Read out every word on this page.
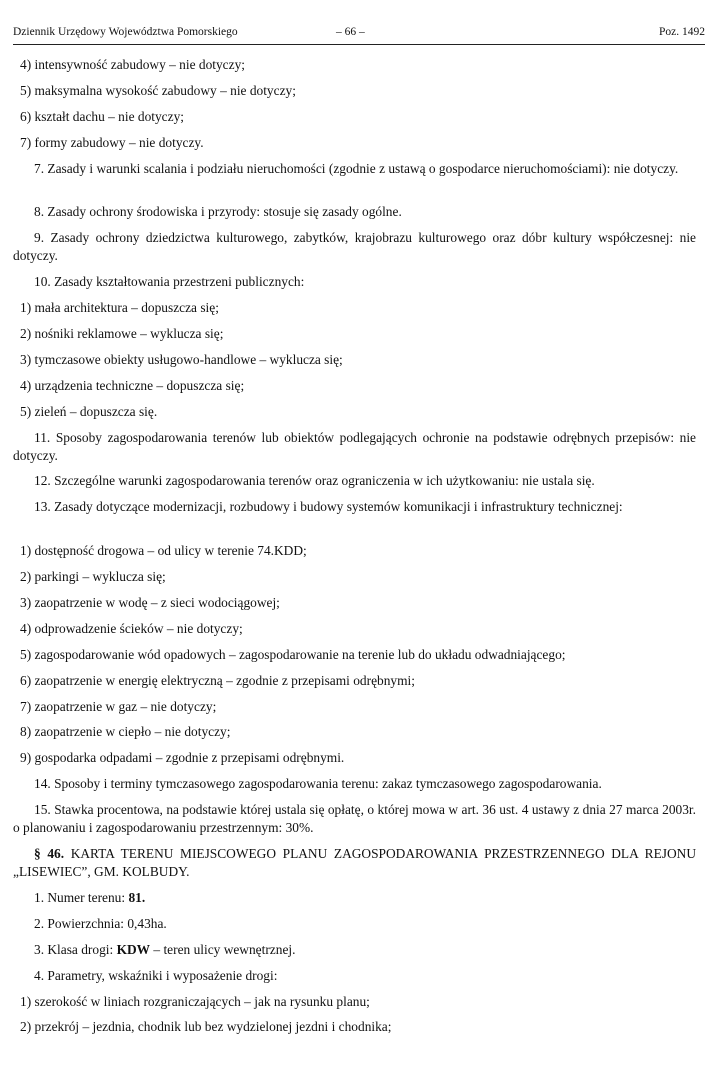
Dziennik Urzędowy Województwa Pomorskiego	– 66 –	Poz. 1492

4) intensywność zabudowy – nie dotyczy;

5) maksymalna wysokość zabudowy – nie dotyczy;

6) kształt dachu – nie dotyczy;

7) formy zabudowy – nie dotyczy.

7. Zasady i warunki scalania i podziału nieruchomości (zgodnie z ustawą o gospodarce nieruchomościami): nie dotyczy.

8. Zasady ochrony środowiska i przyrody: stosuje się zasady ogólne.

9. Zasady ochrony dziedzictwa kulturowego, zabytków, krajobrazu kulturowego oraz dóbr kultury współczesnej: nie dotyczy.

10. Zasady kształtowania przestrzeni publicznych:

1) mała architektura – dopuszcza się;

2) nośniki reklamowe – wyklucza się;

3) tymczasowe obiekty usługowo-handlowe – wyklucza się;

4) urządzenia techniczne – dopuszcza się;

5) zieleń – dopuszcza się.

11. Sposoby zagospodarowania terenów lub obiektów podlegających ochronie na podstawie odrębnych przepisów: nie dotyczy.

12. Szczególne warunki zagospodarowania terenów oraz ograniczenia w ich użytkowaniu: nie ustala się.

13. Zasady dotyczące modernizacji, rozbudowy i budowy systemów komunikacji i infrastruktury technicznej:

1) dostępność drogowa – od ulicy w terenie 74.KDD;

2) parkingi – wyklucza się;

3) zaopatrzenie w wodę – z sieci wodociągowej;

4) odprowadzenie ścieków – nie dotyczy;

5) zagospodarowanie wód opadowych – zagospodarowanie na terenie lub do układu odwadniającego;

6) zaopatrzenie w energię elektryczną – zgodnie z przepisami odrębnymi;

7) zaopatrzenie w gaz – nie dotyczy;

8) zaopatrzenie w ciepło – nie dotyczy;

9) gospodarka odpadami – zgodnie z przepisami odrębnymi.

14. Sposoby i terminy tymczasowego zagospodarowania terenu: zakaz tymczasowego zagospodarowania.

15. Stawka procentowa, na podstawie której ustala się opłatę, o której mowa w art. 36 ust. 4 ustawy z dnia 27 marca 2003r. o planowaniu i zagospodarowaniu przestrzennym: 30%.

§ 46. KARTA TERENU MIEJSCOWEGO PLANU ZAGOSPODAROWANIA PRZESTRZENNEGO DLA REJONU „LISEWIEC”, GM. KOLBUDY.

1. Numer terenu: 81.

2. Powierzchnia: 0,43ha.

3. Klasa drogi: KDW – teren ulicy wewnętrznej.

4. Parametry, wskaźniki i wyposażenie drogi:

1) szerokość w liniach rozgraniczających – jak na rysunku planu;

2) przekrój – jezdnia, chodnik lub bez wydzielonej jezdni i chodnika;
